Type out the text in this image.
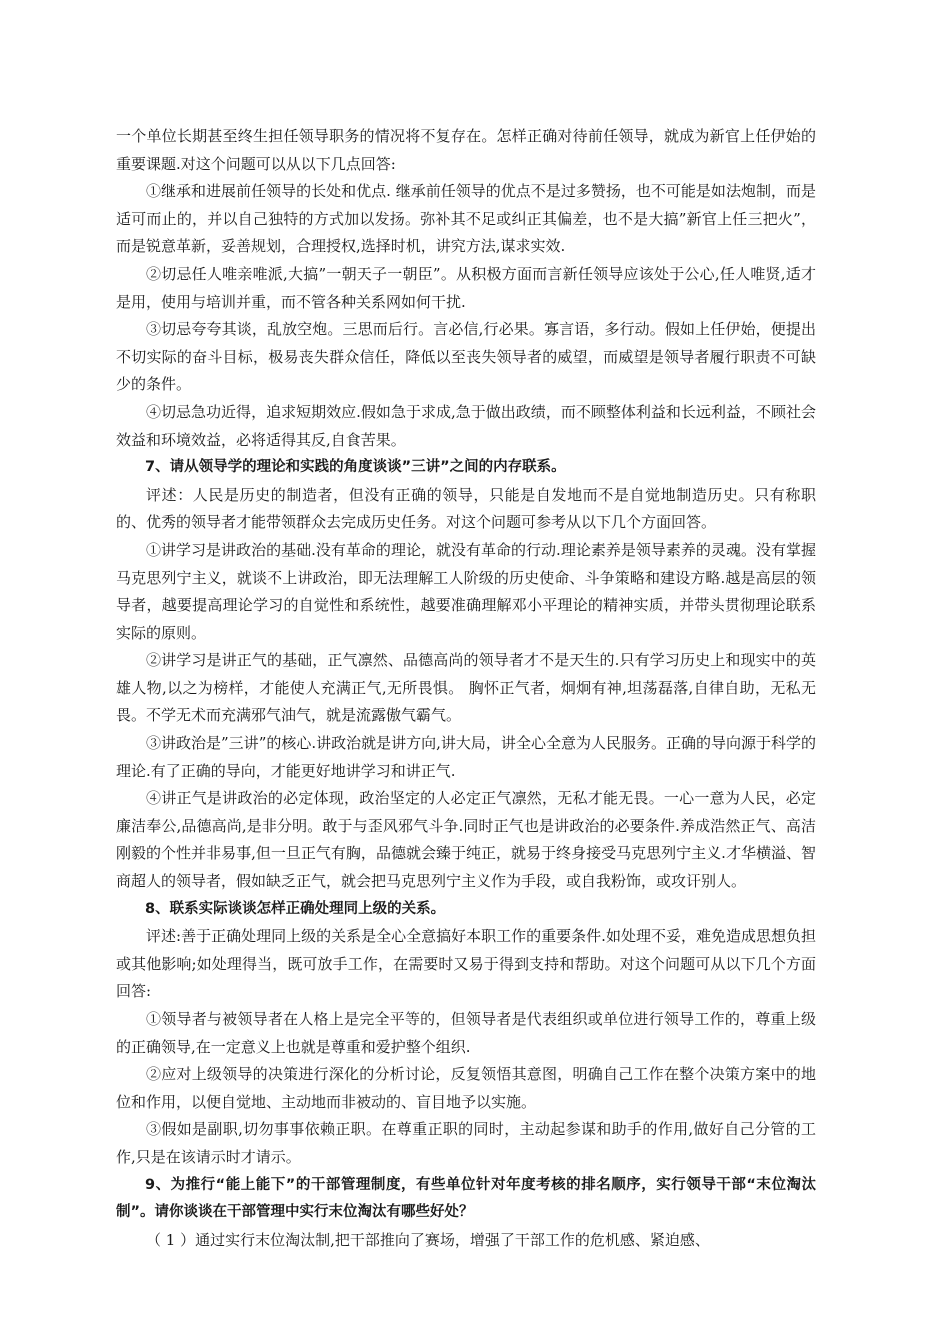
一个单位长期甚至终生担任领导职务的情况将不复存在。怎样正确对待前任领导，就成为新官上任伊始的重要课题.对这个问题可以从以下几点回答:

①继承和进展前任领导的长处和优点. 继承前任领导的优点不是过多赞扬，也不可能是如法炮制，而是适可而止的，并以自己独特的方式加以发扬。弥补其不足或纠正其偏差，也不是大搞”新官上任三把火”，而是锐意革新，妥善规划，合理授权,选择时机，讲究方法,谋求实效.

②切忌任人唯亲唯派,大搞”一朝天子一朝臣”。从积极方面而言新任领导应该处于公心,任人唯贤,适才是用，使用与培训并重，而不管各种关系网如何干扰.

③切忌夸夸其谈，乱放空炮。三思而后行。言必信,行必果。寡言语，多行动。假如上任伊始，便提出不切实际的奋斗目标，极易丧失群众信任，降低以至丧失领导者的威望，而威望是领导者履行职责不可缺少的条件。

④切忌急功近得，追求短期效应.假如急于求成,急于做出政绩，而不顾整体利益和长远利益，不顾社会效益和环境效益，必将适得其反,自食苦果。

7、请从领导学的理论和实践的角度谈谈”三讲”之间的内存联系。

评述：人民是历史的制造者，但没有正确的领导，只能是自发地而不是自觉地制造历史。只有称职的、优秀的领导者才能带领群众去完成历史任务。对这个问题可参考从以下几个方面回答。

①讲学习是讲政治的基础.没有革命的理论，就没有革命的行动.理论素养是领导素养的灵魂。没有掌握马克思列宁主义，就谈不上讲政治，即无法理解工人阶级的历史使命、斗争策略和建设方略.越是高层的领导者，越要提高理论学习的自觉性和系统性，越要准确理解邓小平理论的精神实质，并带头贯彻理论联系实际的原则。

②讲学习是讲正气的基础，正气凛然、品德高尚的领导者才不是天生的.只有学习历史上和现实中的英雄人物,以之为榜样，才能使人充满正气,无所畏惧。 胸怀正气者，炯炯有神,坦荡磊落,自律自助，无私无畏。不学无术而充满邪气油气，就是流露傲气霸气。

③讲政治是”三讲”的核心.讲政治就是讲方向,讲大局，讲全心全意为人民服务。正确的导向源于科学的理论.有了正确的导向，才能更好地讲学习和讲正气.

④讲正气是讲政治的必定体现，政治坚定的人必定正气凛然，无私才能无畏。一心一意为人民，必定廉洁奉公,品德高尚,是非分明。敢于与歪风邪气斗争.同时正气也是讲政治的必要条件.养成浩然正气、高洁刚毅的个性并非易事,但一旦正气有胸，品德就会臻于纯正，就易于终身接受马克思列宁主义.才华横溢、智商超人的领导者，假如缺乏正气，就会把马克思列宁主义作为手段，或自我粉饰，或攻讦别人。

8、联系实际谈谈怎样正确处理同上级的关系。

评述:善于正确处理同上级的关系是全心全意搞好本职工作的重要条件.如处理不妥，难免造成思想负担或其他影响;如处理得当，既可放手工作，在需要时又易于得到支持和帮助。对这个问题可从以下几个方面回答:

①领导者与被领导者在人格上是完全平等的，但领导者是代表组织或单位进行领导工作的，尊重上级的正确领导,在一定意义上也就是尊重和爱护整个组织.

②应对上级领导的决策进行深化的分析讨论，反复领悟其意图，明确自己工作在整个决策方案中的地位和作用，以便自觉地、主动地而非被动的、盲目地予以实施。

③假如是副职,切勿事事依赖正职。在尊重正职的同时，主动起参谋和助手的作用,做好自己分管的工作,只是在该请示时才请示。

9、为推行“能上能下”的干部管理制度，有些单位针对年度考核的排名顺序，实行领导干部“末位淘汰制”。请你谈谈在干部管理中实行末位淘汰有哪些好处？

（ 1 ）通过实行末位淘汰制,把干部推向了赛场，增强了干部工作的危机感、紧迫感、
